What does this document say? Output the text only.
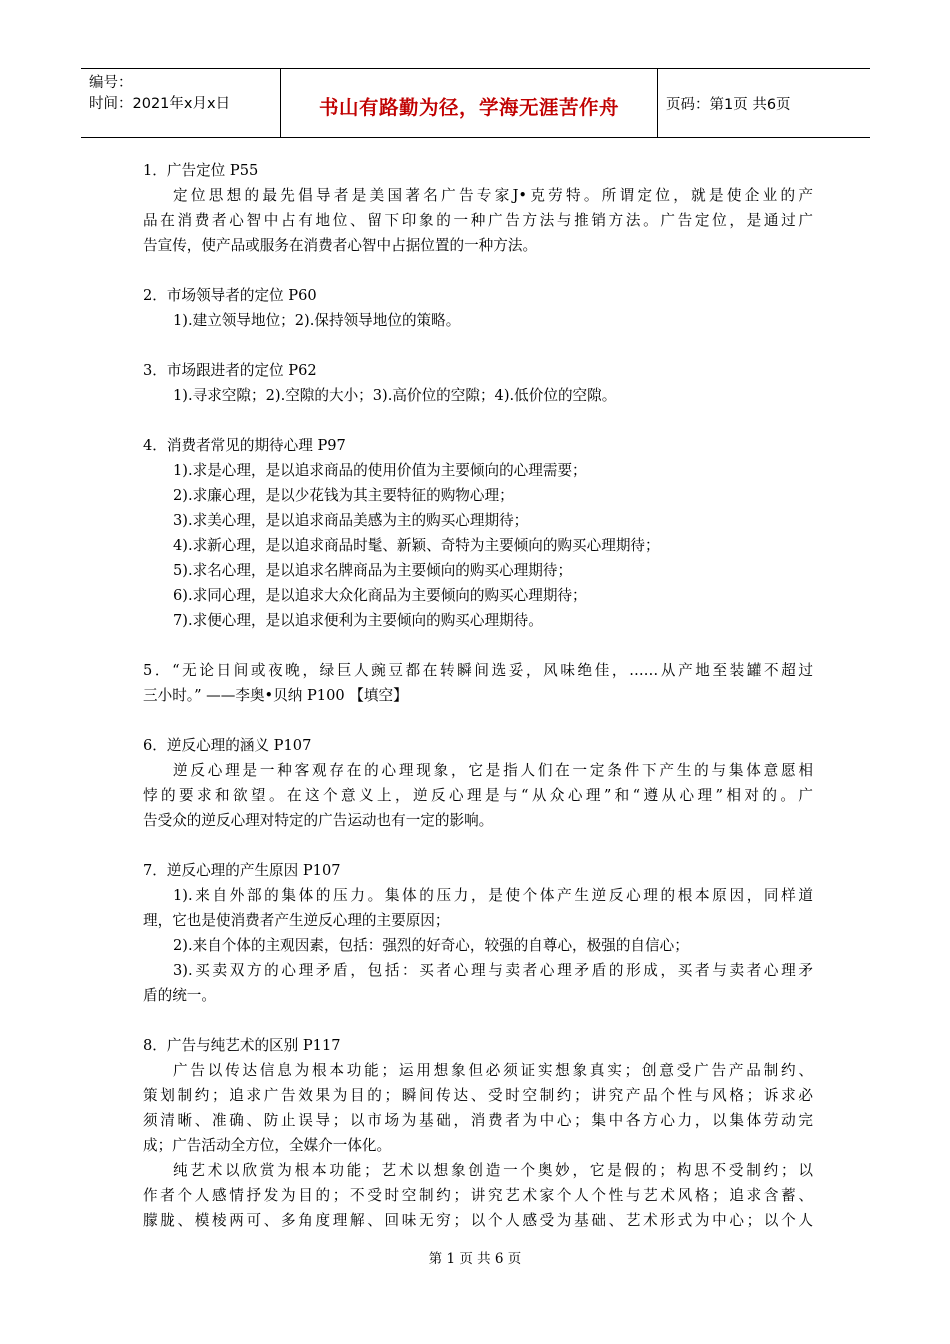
编号：
时间：2021年x月x日	书山有路勤为径，学海无涯苦作舟	页码：第1页 共6页
1．广告定位 P55
定位思想的最先倡导者是美国著名广告专家J•克劳特。所谓定位，就是使企业的产
品在消费者心智中占有地位、留下印象的一种广告方法与推销方法。广告定位，是通过广
告宣传，使产品或服务在消费者心智中占据位置的一种方法。
2．市场领导者的定位 P60
1).建立领导地位；2).保持领导地位的策略。
3．市场跟进者的定位 P62
1).寻求空隙；2).空隙的大小；3).高价位的空隙；4).低价位的空隙。
4．消费者常见的期待心理 P97
1).求是心理，是以追求商品的使用价值为主要倾向的心理需要；
2).求廉心理，是以少花钱为其主要特征的购物心理；
3).求美心理，是以追求商品美感为主的购买心理期待；
4).求新心理，是以追求商品时髦、新颖、奇特为主要倾向的购买心理期待；
5).求名心理，是以追求名牌商品为主要倾向的购买心理期待；
6).求同心理，是以追求大众化商品为主要倾向的购买心理期待；
7).求便心理，是以追求便利为主要倾向的购买心理期待。
5．“无论日间或夜晚，绿巨人豌豆都在转瞬间选妥，风味绝佳，……从产地至装罐不超过
三小时。” ——李奥•贝纳 P100 【填空】
6．逆反心理的涵义 P107
逆反心理是一种客观存在的心理现象，它是指人们在一定条件下产生的与集体意愿相
悖的要求和欲望。在这个意义上，逆反心理是与“从众心理”和“遵从心理”相对的。广
告受众的逆反心理对特定的广告运动也有一定的影响。
7．逆反心理的产生原因 P107
1).来自外部的集体的压力。集体的压力，是使个体产生逆反心理的根本原因，同样道
理，它也是使消费者产生逆反心理的主要原因；
2).来自个体的主观因素，包括：强烈的好奇心，较强的自尊心，极强的自信心；
3).买卖双方的心理矛盾，包括：买者心理与卖者心理矛盾的形成，买者与卖者心理矛
盾的统一。
8．广告与纯艺术的区别 P117
广告以传达信息为根本功能；运用想象但必须证实想象真实；创意受广告产品制约、
策划制约；追求广告效果为目的；瞬间传达、受时空制约；讲究产品个性与风格；诉求必
须清晰、准确、防止误导；以市场为基础，消费者为中心；集中各方心力，以集体劳动完
成；广告活动全方位，全媒介一体化。
纯艺术以欣赏为根本功能；艺术以想象创造一个奥妙，它是假的；构思不受制约；以
作者个人感情抒发为目的；不受时空制约；讲究艺术家个人个性与艺术风格；追求含蓄、
朦胧、模棱两可、多角度理解、回味无穷；以个人感受为基础、艺术形式为中心；以个人
第 1 页 共 6 页
